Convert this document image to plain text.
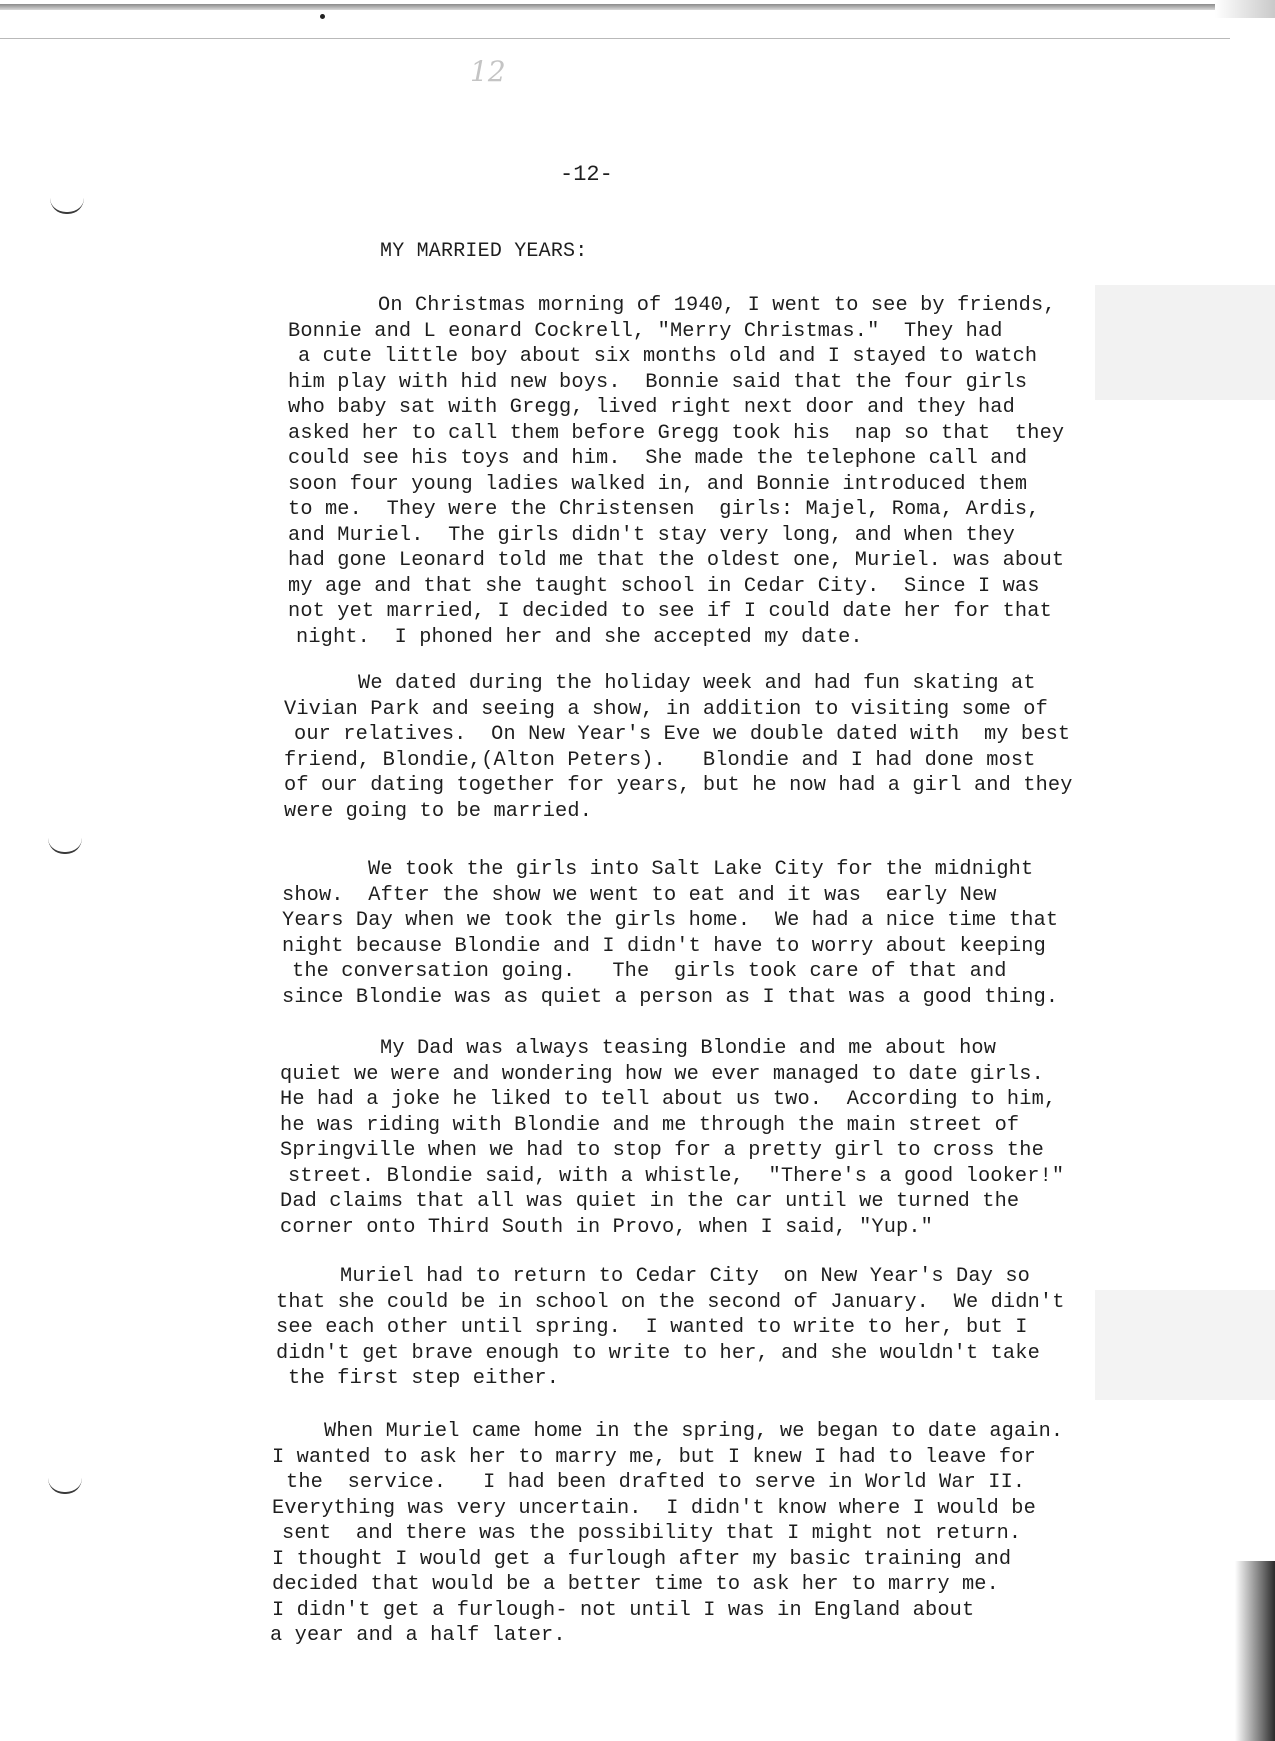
12
-12-
MY MARRIED YEARS:
On Christmas morning of 1940, I went to see by friends,
Bonnie and L eonard Cockrell, "Merry Christmas."  They had
a cute little boy about six months old and I stayed to watch
him play with hid new boys.  Bonnie said that the four girls
who baby sat with Gregg, lived right next door and they had
asked her to call them before Gregg took his  nap so that  they
could see his toys and him.  She made the telephone call and
soon four young ladies walked in, and Bonnie introduced them
to me.  They were the Christensen  girls: Majel, Roma, Ardis,
and Muriel.  The girls didn't stay very long, and when they
had gone Leonard told me that the oldest one, Muriel. was about
my age and that she taught school in Cedar City.  Since I was
not yet married, I decided to see if I could date her for that
night.  I phoned her and she accepted my date.
We dated during the holiday week and had fun skating at
Vivian Park and seeing a show, in addition to visiting some of
our relatives.  On New Year's Eve we double dated with  my best
friend, Blondie,(Alton Peters).   Blondie and I had done most
of our dating together for years, but he now had a girl and they
were going to be married.
We took the girls into Salt Lake City for the midnight
show.  After the show we went to eat and it was  early New
Years Day when we took the girls home.  We had a nice time that
night because Blondie and I didn't have to worry about keeping
the conversation going.   The  girls took care of that and
since Blondie was as quiet a person as I that was a good thing.
My Dad was always teasing Blondie and me about how
quiet we were and wondering how we ever managed to date girls.
He had a joke he liked to tell about us two.  According to him,
he was riding with Blondie and me through the main street of
Springville when we had to stop for a pretty girl to cross the
street. Blondie said, with a whistle,  "There's a good looker!"
Dad claims that all was quiet in the car until we turned the
corner onto Third South in Provo, when I said, "Yup."
Muriel had to return to Cedar City  on New Year's Day so
that she could be in school on the second of January.  We didn't
see each other until spring.  I wanted to write to her, but I
didn't get brave enough to write to her, and she wouldn't take
the first step either.
When Muriel came home in the spring, we began to date again.
I wanted to ask her to marry me, but I knew I had to leave for
the  service.   I had been drafted to serve in World War II.
Everything was very uncertain.  I didn't know where I would be
sent  and there was the possibility that I might not return.
I thought I would get a furlough after my basic training and
decided that would be a better time to ask her to marry me.
I didn't get a furlough- not until I was in England about
a year and a half later.
